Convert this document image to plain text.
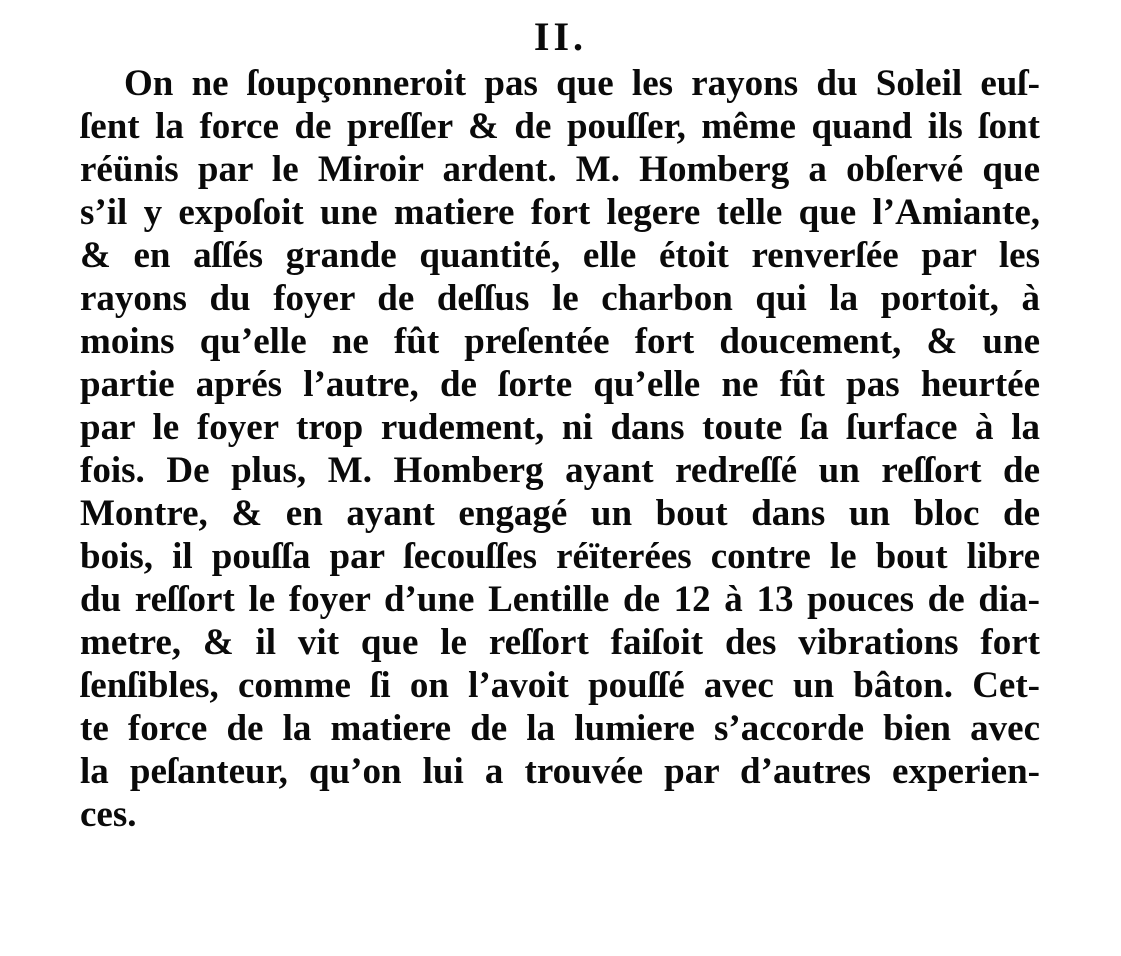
II.
On ne ſoupçonneroit pas que les rayons du Soleil euſ-
ſent la force de preſſer & de pouſſer, même quand ils ſont
réünis par le Miroir ardent. M. Homberg a obſervé que
s’il y expoſoit une matiere fort legere telle que l’Amiante,
& en aſſés grande quantité, elle étoit renverſée par les
rayons du foyer de deſſus le charbon qui la portoit, à
moins qu’elle ne fût preſentée fort doucement, & une
partie aprés l’autre, de ſorte qu’elle ne fût pas heurtée
par le foyer trop rudement, ni dans toute ſa ſurface à la
fois. De plus, M. Homberg ayant redreſſé un reſſort de
Montre, & en ayant engagé un bout dans un bloc de
bois, il pouſſa par ſecouſſes réïterées contre le bout libre
du reſſort le foyer d’une Lentille de 12 à 13 pouces de dia-
metre, & il vit que le reſſort faiſoit des vibrations fort
ſenſibles, comme ſi on l’avoit pouſſé avec un bâton. Cet-
te force de la matiere de la lumiere s’accorde bien avec
la peſanteur, qu’on lui a trouvée par d’autres experien-
ces.
